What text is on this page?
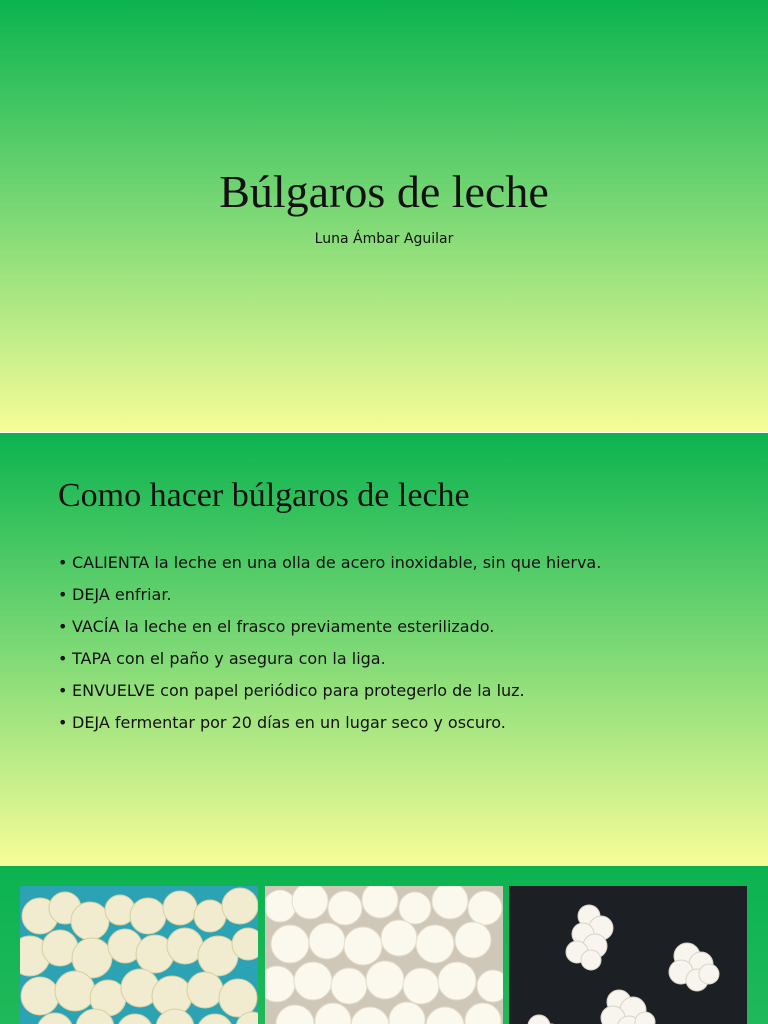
Búlgaros de leche
Luna Ámbar Aguilar
Como hacer búlgaros de leche
• CALIENTA la leche en una olla de acero inoxidable, sin que hierva.
• DEJA enfriar.
• VACÍA la leche en el frasco previamente esterilizado.
• TAPA con el paño y asegura con la liga.
• ENVUELVE con papel periódico para protegerlo de la luz.
• DEJA fermentar por 20 días en un lugar seco y oscuro.
